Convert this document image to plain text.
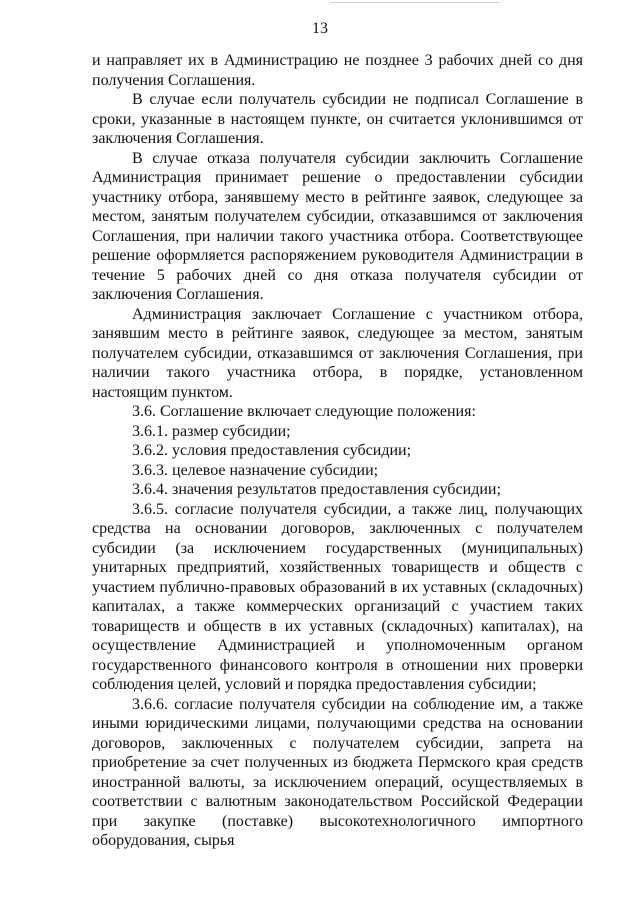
13

и направляет их в Администрацию не позднее 3 рабочих дней со дня получения Соглашения.

В случае если получатель субсидии не подписал Соглашение в сроки, указанные в настоящем пункте, он считается уклонившимся от заключения Соглашения.

В случае отказа получателя субсидии заключить Соглашение Администрация принимает решение о предоставлении субсидии участнику отбора, занявшему место в рейтинге заявок, следующее за местом, занятым получателем субсидии, отказавшимся от заключения Соглашения, при наличии такого участника отбора. Соответствующее решение оформляется распоряжением руководителя Администрации в течение 5 рабочих дней со дня отказа получателя субсидии от заключения Соглашения.

Администрация заключает Соглашение с участником отбора, занявшим место в рейтинге заявок, следующее за местом, занятым получателем субсидии, отказавшимся от заключения Соглашения, при наличии такого участника отбора, в порядке, установленном настоящим пунктом.

3.6. Соглашение включает следующие положения:

3.6.1. размер субсидии;

3.6.2. условия предоставления субсидии;

3.6.3. целевое назначение субсидии;

3.6.4. значения результатов предоставления субсидии;

3.6.5. согласие получателя субсидии, а также лиц, получающих средства на основании договоров, заключенных с получателем субсидии (за исключением государственных (муниципальных) унитарных предприятий, хозяйственных товариществ и обществ с участием публично-правовых образований в их уставных (складочных) капиталах, а также коммерческих организаций с участием таких товариществ и обществ в их уставных (складочных) капиталах), на осуществление Администрацией и уполномоченным органом государственного финансового контроля в отношении них проверки соблюдения целей, условий и порядка предоставления субсидии;

3.6.6. согласие получателя субсидии на соблюдение им, а также иными юридическими лицами, получающими средства на основании договоров, заключенных с получателем субсидии, запрета на приобретение за счет полученных из бюджета Пермского края средств иностранной валюты, за исключением операций, осуществляемых в соответствии с валютным законодательством Российской Федерации при закупке (поставке) высокотехнологичного импортного оборудования, сырья
